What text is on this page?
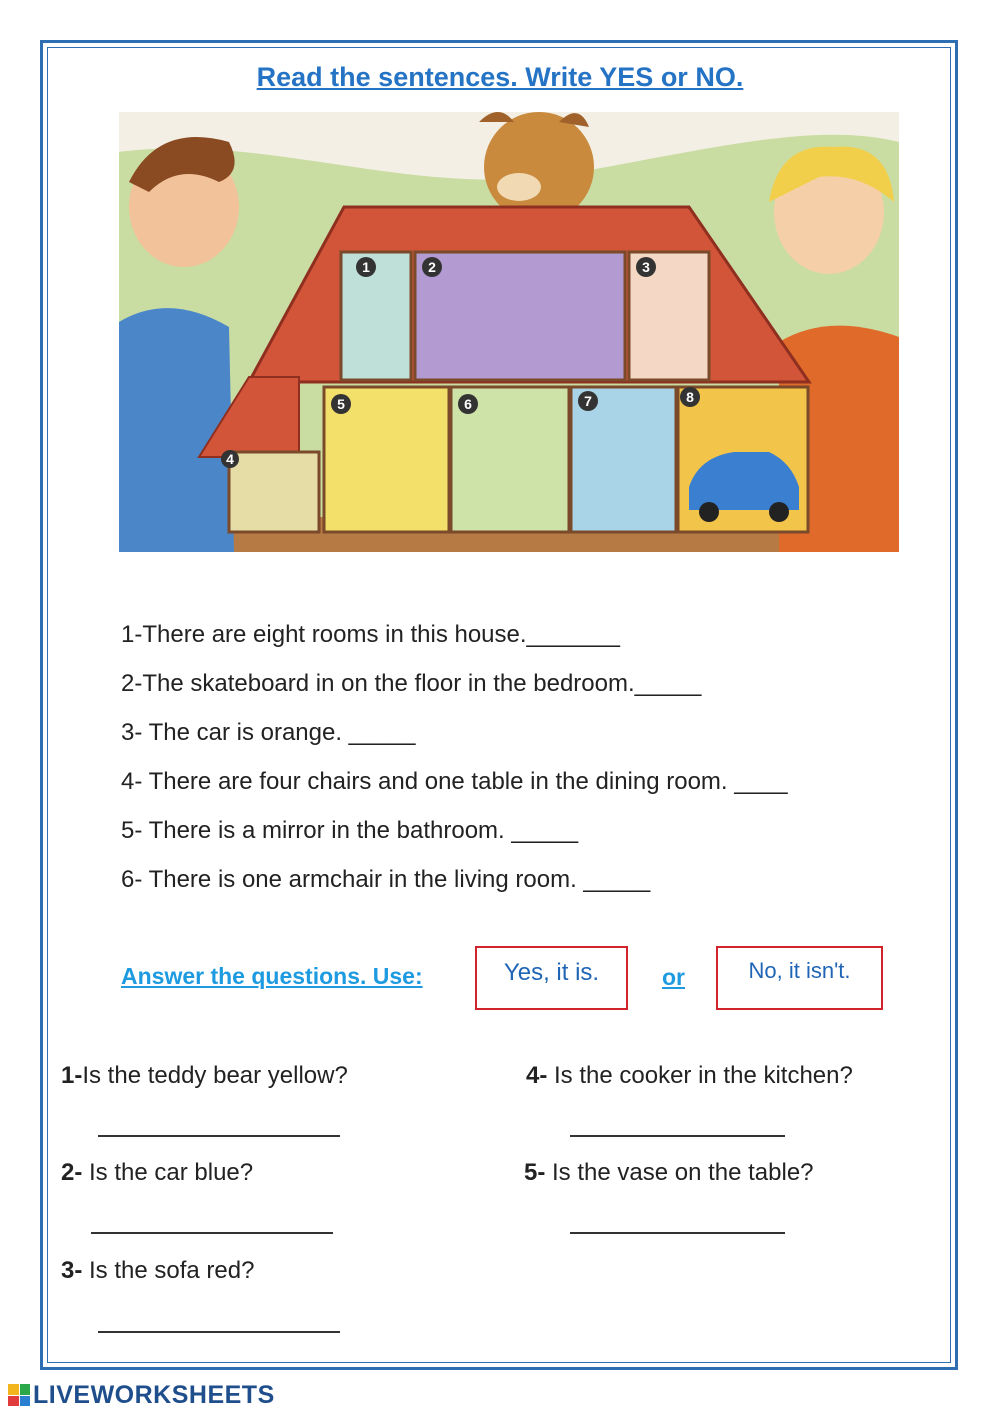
Read the sentences. Write YES or NO.
1	2	3
4
5	6	7	8
1-There are eight rooms in this house._______
2-The skateboard in on the floor in the bedroom._____
3- The car is orange. _____
4- There are four chairs and one table in the dining room. ____
5- There is a mirror in the bathroom. _____
6- There is one armchair in the living room. _____
Answer the questions. Use:	Yes, it is.	or	No, it isn't.
1-Is the teddy bear yellow?
2- Is the car blue?
3- Is the sofa red?
4- Is the cooker in the kitchen?
5- Is the vase on the table?
LIVEWORKSHEETS
